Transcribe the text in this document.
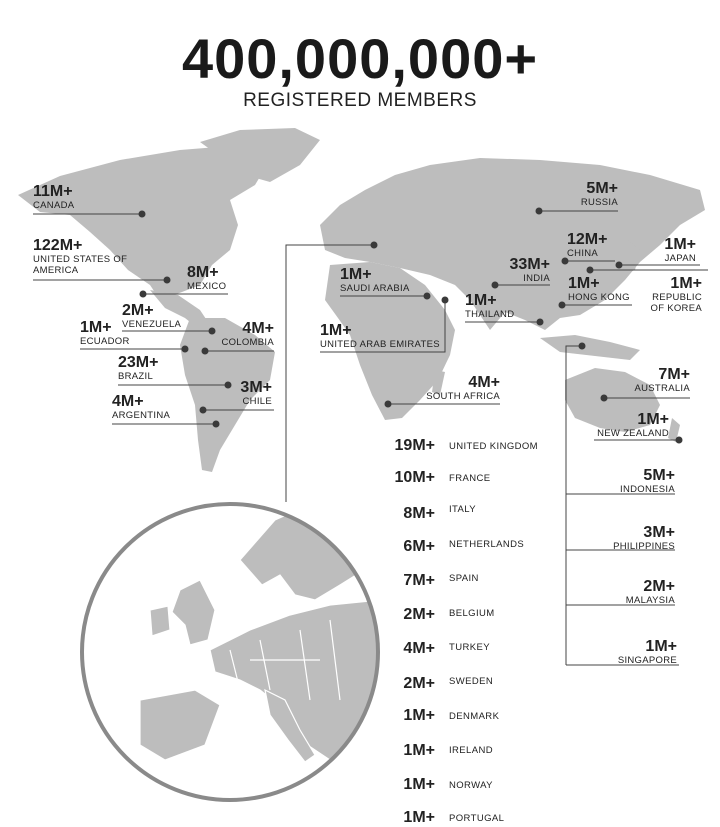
400,000,000+
REGISTERED MEMBERS
11M+
CANADA
122M+
UNITED STATES OF
AMERICA	8M+
MEXICO
2M+
VENEZUELA
1M+
ECUADOR
4M+
COLOMBIA
23M+
BRAZIL
3M+
CHILE
4M+
ARGENTINA
1M+
SAUDI ARABIA
1M+
UNITED ARAB EMIRATES
4M+
SOUTH AFRICA
5M+
RUSSIA
33M+
INDIA
12M+
CHINA
1M+
JAPAN
1M+
THAILAND
1M+
HONG KONG
1M+
REPUBLIC
OF KOREA
7M+
AUSTRALIA
1M+
NEW ZEALAND
5M+
INDONESIA
3M+
PHILIPPINES
2M+
MALAYSIA
1M+
SINGAPORE
19M+ UNITED KINGDOM
10M+ FRANCE
8M+ ITALY
6M+ NETHERLANDS
7M+ SPAIN
2M+ BELGIUM
4M+ TURKEY
2M+ SWEDEN
1M+ DENMARK
1M+ IRELAND
1M+ NORWAY
1M+ PORTUGAL
